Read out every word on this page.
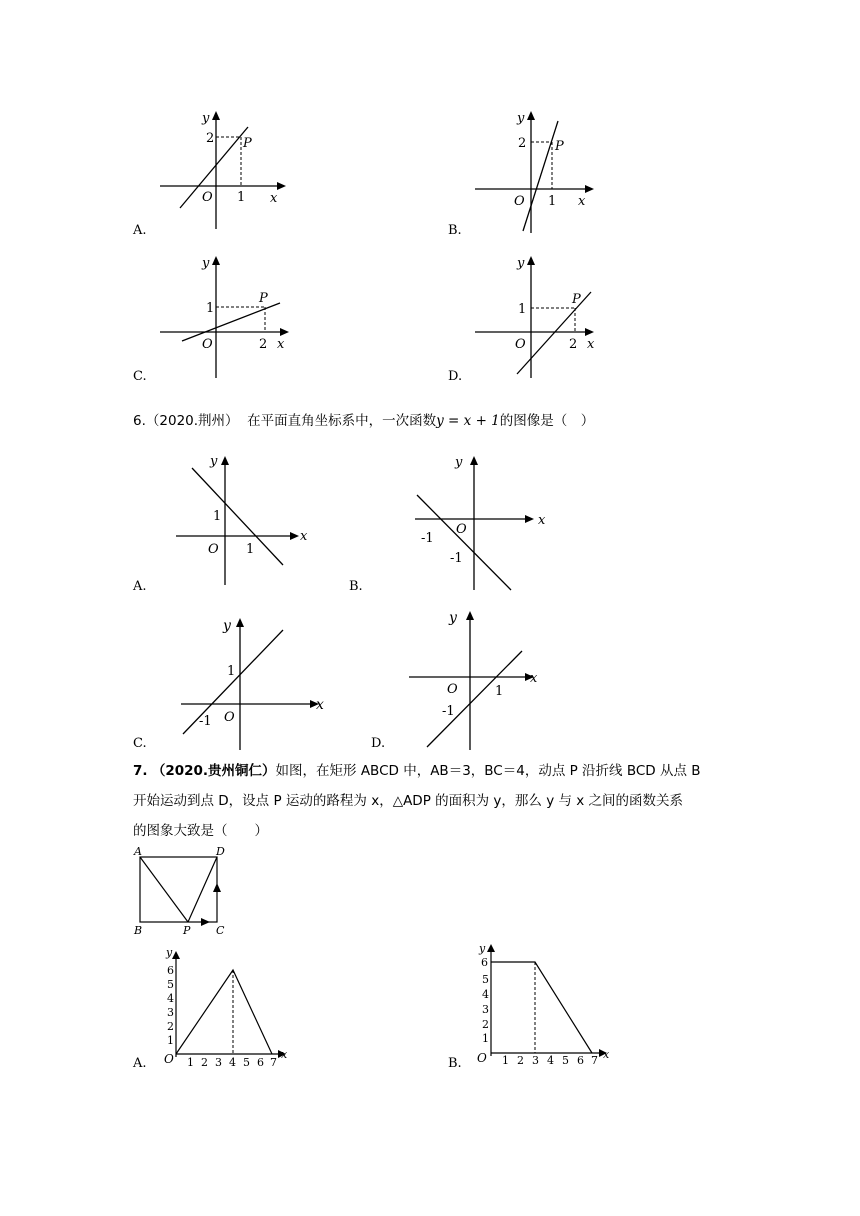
y
x
O
P
2
1
A.
y
x
O
P
2
1
B.
y
x
O
P
1
2
C.
y
x
O
P
1
2
D.
6.（2020.荆州） 在平面直角坐标系中，一次函数y = x + 1的图像是（　）
y
x
O
1
1
A.
y
x
O
-1
-1
B.
y
x
O
1
-1
C.
y
x
O	1
-1
D.
7. （2020.贵州铜仁）如图，在矩形 ABCD 中，AB＝3，BC＝4，动点 P 沿折线 BCD 从点 B
开始运动到点 D，设点 P 运动的路程为 x，△ADP 的面积为 y，那么 y 与 x 之间的函数关系
的图象大致是（　　）
A
B	C
D
P
y
x
O
1
2
3
4
5
6
1 2 3 4 5 6 7
A.
y
x
O
1
2
3
4
5
6
1 2 3 4 5 6 7
B.
